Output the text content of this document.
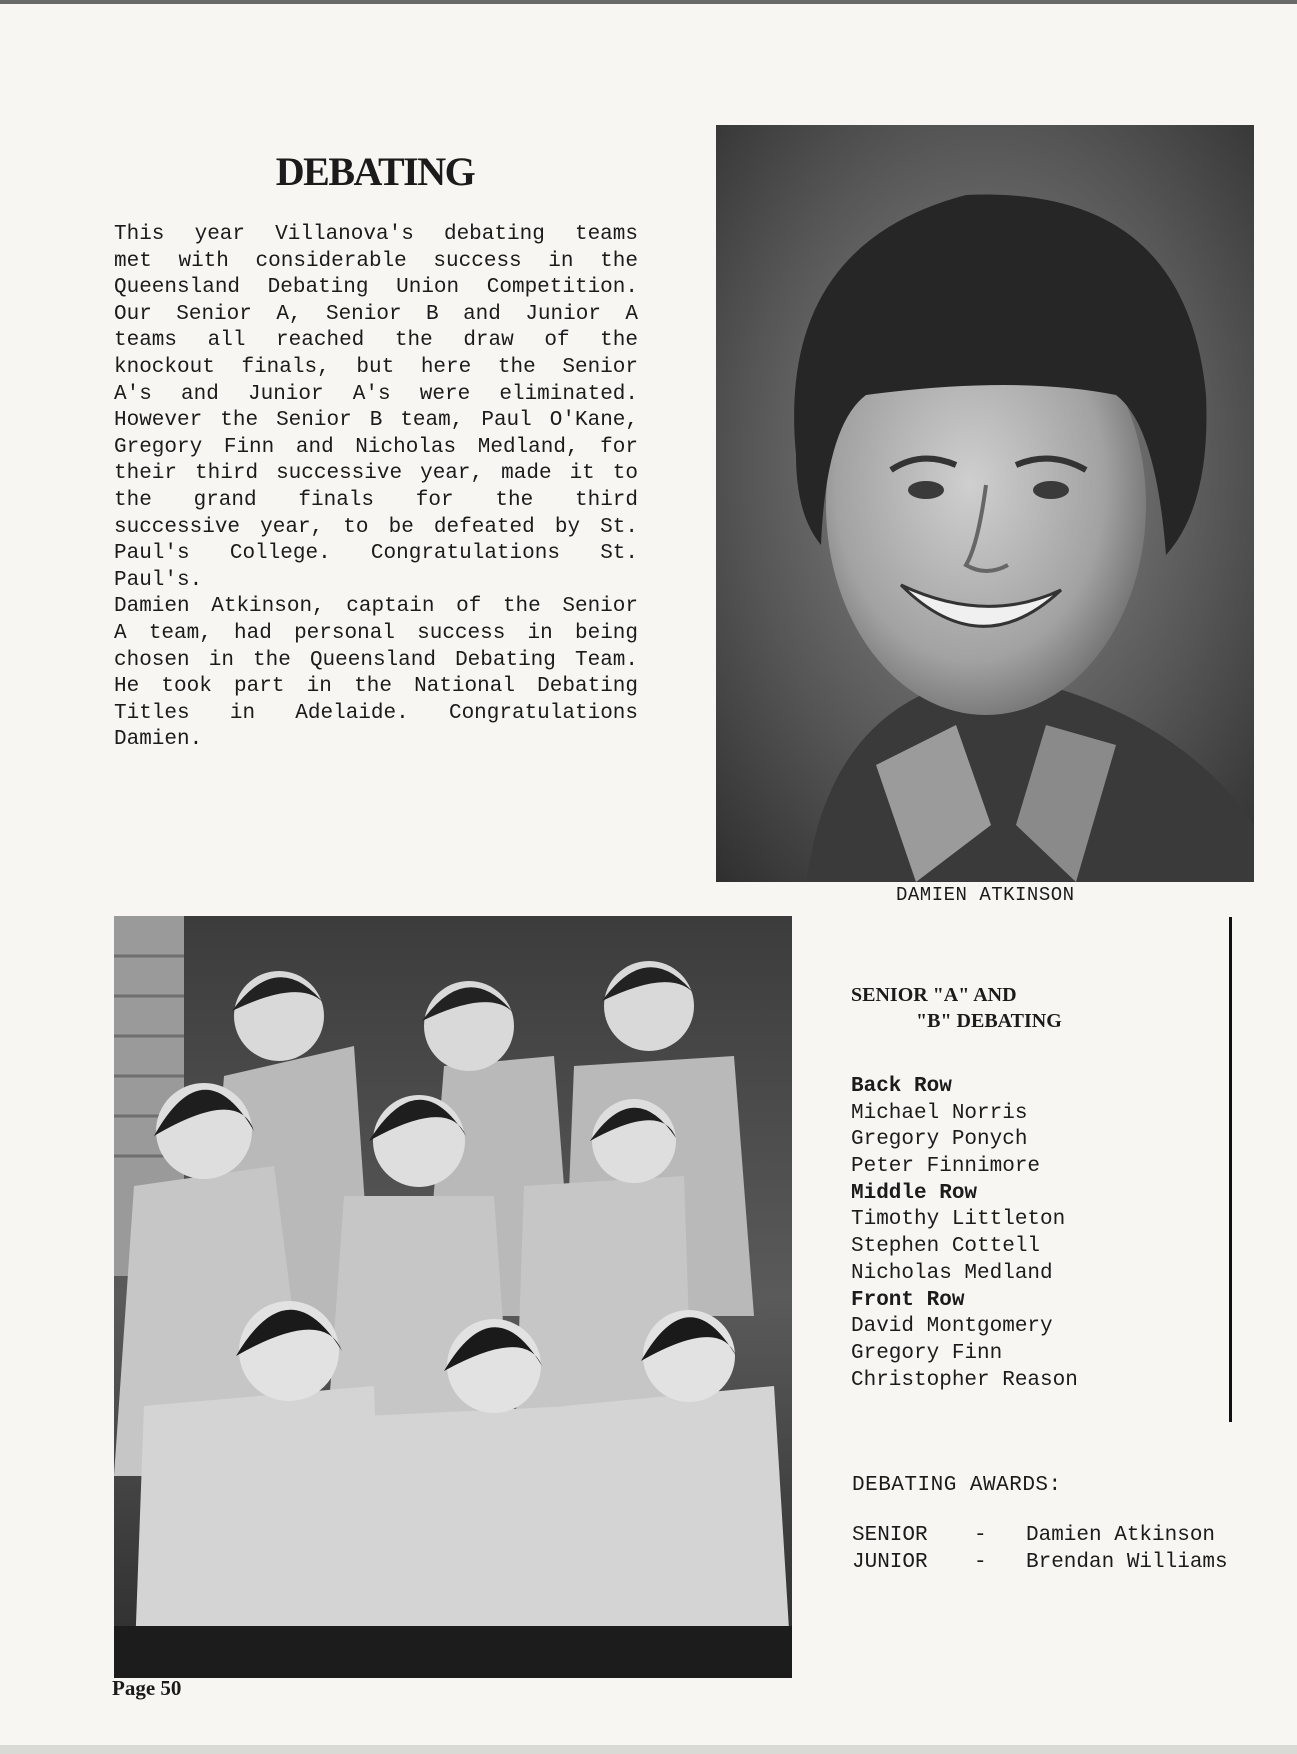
DEBATING
This year Villanova's debating teams
met with considerable success in the
Queensland Debating Union Competition.
Our Senior A, Senior B and Junior A
teams all reached the draw of the
knockout finals, but here the Senior
A's and Junior A's were eliminated.
However the Senior B team, Paul O'Kane,
Gregory Finn and Nicholas Medland, for
their third successive year, made it to
the grand finals for the third
successive year, to be defeated by St.
Paul's College. Congratulations St.
Paul's.
Damien Atkinson, captain of the Senior
A team, had personal success in being
chosen in the Queensland Debating Team.
He took part in the National Debating
Titles in Adelaide. Congratulations
Damien.
DAMIEN ATKINSON
SENIOR "A" AND
"B" DEBATING
Back Row
Michael Norris
Gregory Ponych
Peter Finnimore
Middle Row
Timothy Littleton
Stephen Cottell
Nicholas Medland
Front Row
David Montgomery
Gregory Finn
Christopher Reason
DEBATING AWARDS:
SENIOR	-	Damien Atkinson
JUNIOR	-	Brendan Williams
Page 50
